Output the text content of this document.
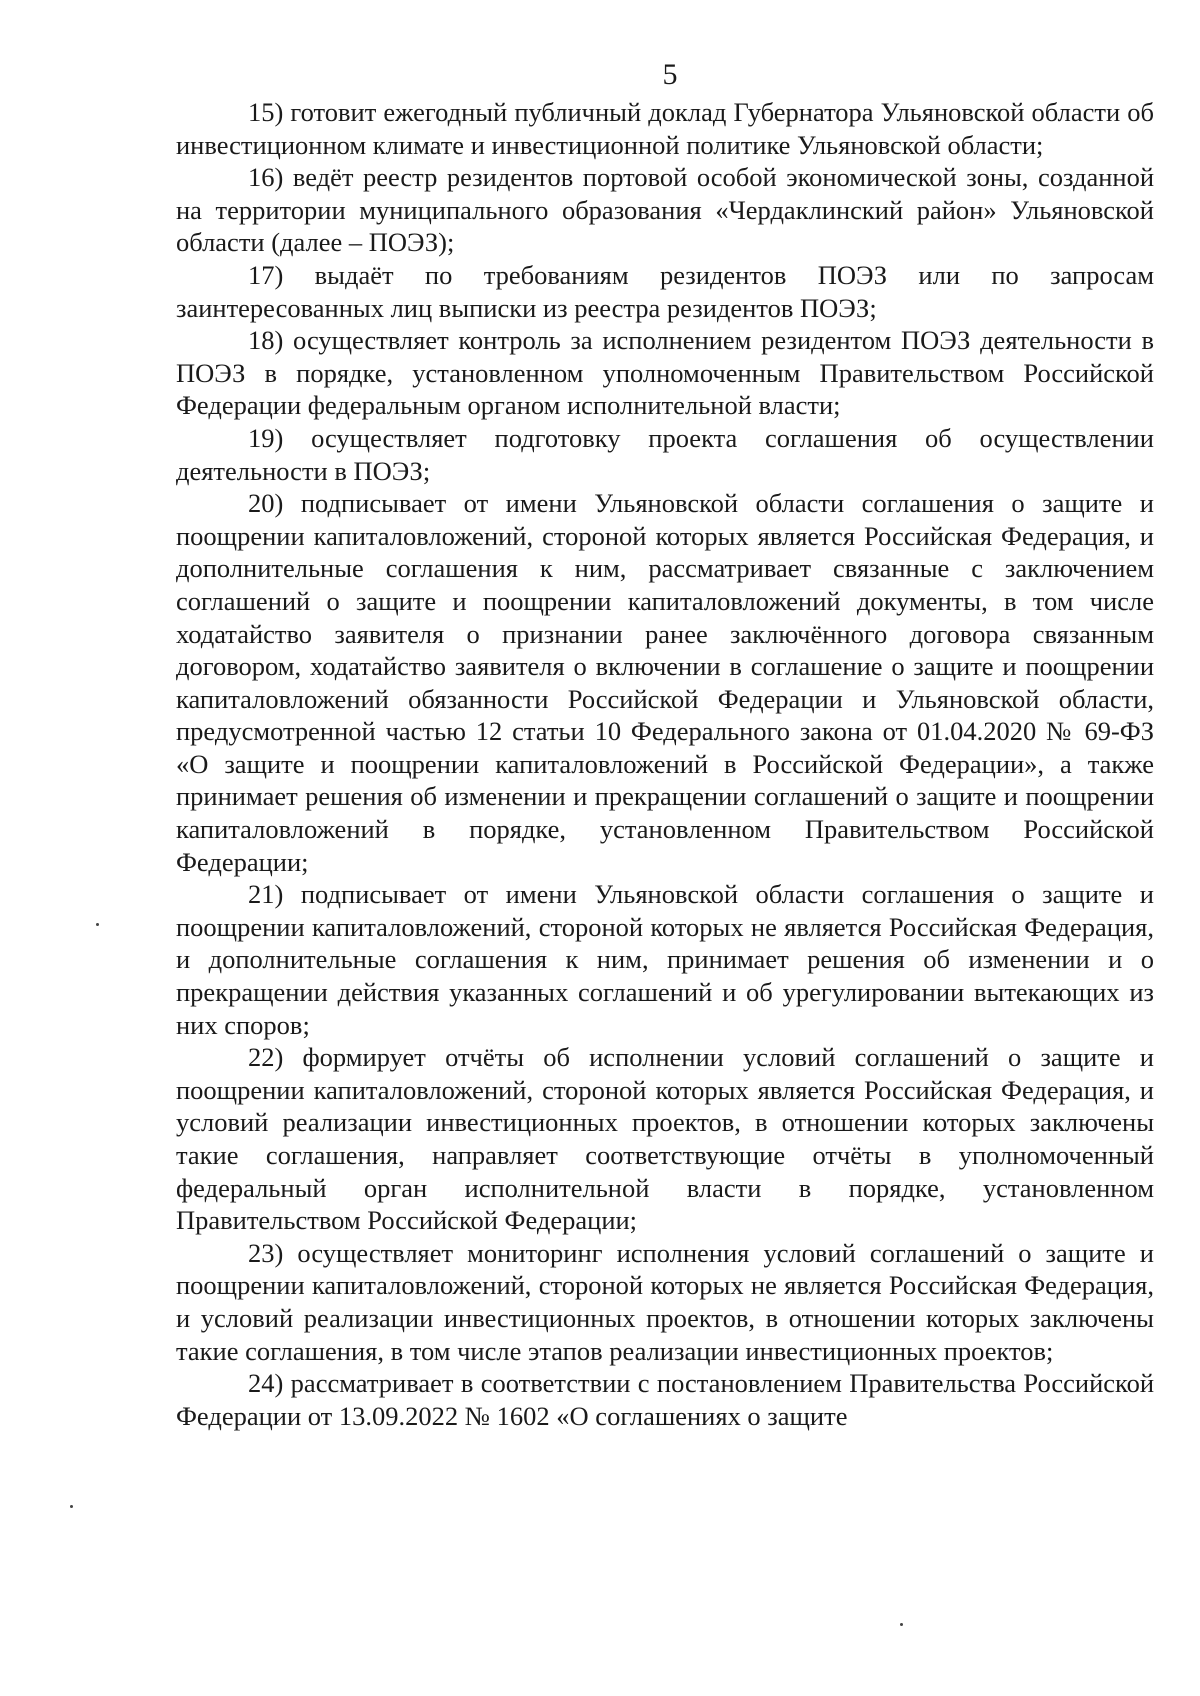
5

15) готовит ежегодный публичный доклад Губернатора Ульяновской области об инвестиционном климате и инвестиционной политике Ульяновской области;

16) ведёт реестр резидентов портовой особой экономической зоны, созданной на территории муниципального образования «Чердаклинский район» Ульяновской области (далее – ПОЭЗ);

17) выдаёт по требованиям резидентов ПОЭЗ или по запросам заинтересованных лиц выписки из реестра резидентов ПОЭЗ;

18) осуществляет контроль за исполнением резидентом ПОЭЗ деятельности в ПОЭЗ в порядке, установленном уполномоченным Правительством Российской Федерации федеральным органом исполнительной власти;

19) осуществляет подготовку проекта соглашения об осуществлении деятельности в ПОЭЗ;

20) подписывает от имени Ульяновской области соглашения о защите и поощрении капиталовложений, стороной которых является Российская Федерация, и дополнительные соглашения к ним, рассматривает связанные с заключением соглашений о защите и поощрении капиталовложений документы, в том числе ходатайство заявителя о признании ранее заключённого договора связанным договором, ходатайство заявителя о включении в соглашение о защите и поощрении капиталовложений обязанности Российской Федерации и Ульяновской области, предусмотренной частью 12 статьи 10 Федерального закона от 01.04.2020 № 69-ФЗ «О защите и поощрении капиталовложений в Российской Федерации», а также принимает решения об изменении и прекращении соглашений о защите и поощрении капиталовложений в порядке, установленном Правительством Российской Федерации;

21) подписывает от имени Ульяновской области соглашения о защите и поощрении капиталовложений, стороной которых не является Российская Федерация, и дополнительные соглашения к ним, принимает решения об изменении и о прекращении действия указанных соглашений и об урегулировании вытекающих из них споров;

22) формирует отчёты об исполнении условий соглашений о защите и поощрении капиталовложений, стороной которых является Российская Федерация, и условий реализации инвестиционных проектов, в отношении которых заключены такие соглашения, направляет соответствующие отчёты в уполномоченный федеральный орган исполнительной власти в порядке, установленном Правительством Российской Федерации;

23) осуществляет мониторинг исполнения условий соглашений о защите и поощрении капиталовложений, стороной которых не является Российская Федерация, и условий реализации инвестиционных проектов, в отношении которых заключены такие соглашения, в том числе этапов реализации инвестиционных проектов;

24) рассматривает в соответствии с постановлением Правительства Российской Федерации от 13.09.2022 № 1602 «О соглашениях о защите
